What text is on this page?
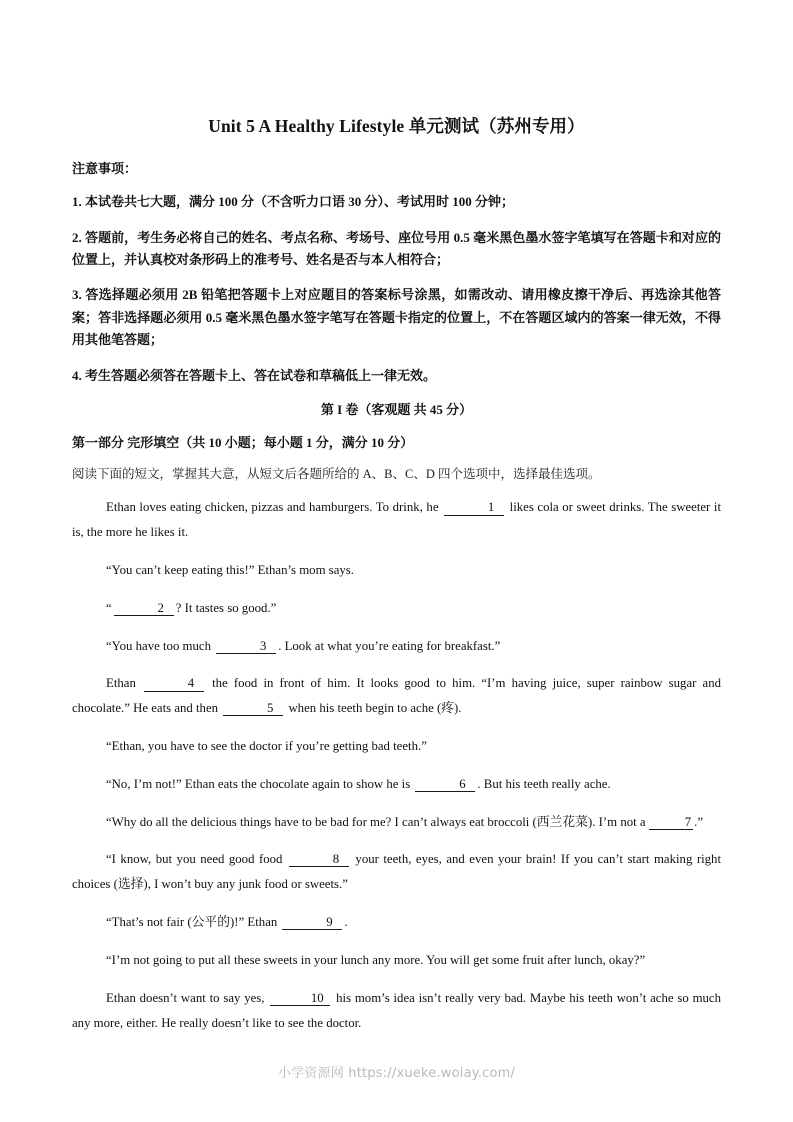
Unit 5 A Healthy Lifestyle 单元测试（苏州专用）
注意事项：
1. 本试卷共七大题，满分 100 分（不含听力口语 30 分）、考试用时 100 分钟；
2. 答题前，考生务必将自己的姓名、考点名称、考场号、座位号用 0.5 毫米黑色墨水签字笔填写在答题卡和对应的位置上，并认真校对条形码上的准考号、姓名是否与本人相符合；
3. 答选择题必须用 2B 铅笔把答题卡上对应题目的答案标号涂黑，如需改动、请用橡皮擦干净后、再选涂其他答案；答非选择题必须用 0.5 毫米黑色墨水签字笔写在答题卡指定的位置上，不在答题区域内的答案一律无效，不得用其他笔答题；
4. 考生答题必须答在答题卡上、答在试卷和草稿低上一律无效。
第 I 卷（客观题 共 45 分）
第一部分 完形填空（共 10 小题；每小题 1 分，满分 10 分）
阅读下面的短文，掌握其大意，从短文后各题所给的 A、B、C、D 四个选项中，选择最佳选项。

Ethan loves eating chicken, pizzas and hamburgers. To drink, he	1 likes cola or sweet drinks. The sweeter it is, the more he likes it.

“You can’t keep eating this!” Ethan’s mom says.

“	2 ? It tastes so good.”

“You have too much	3 . Look at what you’re eating for breakfast.”

Ethan	4 the food in front of him. It looks good to him. “I’m having juice, super rainbow sugar and chocolate.” He eats and then	5 when his teeth begin to ache (疼).

“Ethan, you have to see the doctor if you’re getting bad teeth.”

“No, I’m not!” Ethan eats the chocolate again to show he is	6 . But his teeth really ache.

“Why do all the delicious things have to be bad for me? I can’t always eat broccoli (西兰花菜). I’m not a	7 .”

“I know, but you need good food	8 your teeth, eyes, and even your brain! If you can’t start making right choices (选择), I won’t buy any junk food or sweets.”

“That’s not fair (公平的)!” Ethan	9 .

“I’m not going to put all these sweets in your lunch any more. You will get some fruit after lunch, okay?”

Ethan doesn’t want to say yes,	10 his mom’s idea isn’t really very bad. Maybe his teeth won’t ache so much any more, either. He really doesn’t like to see the doctor.

小学资源网 https://xueke.woiay.com/
